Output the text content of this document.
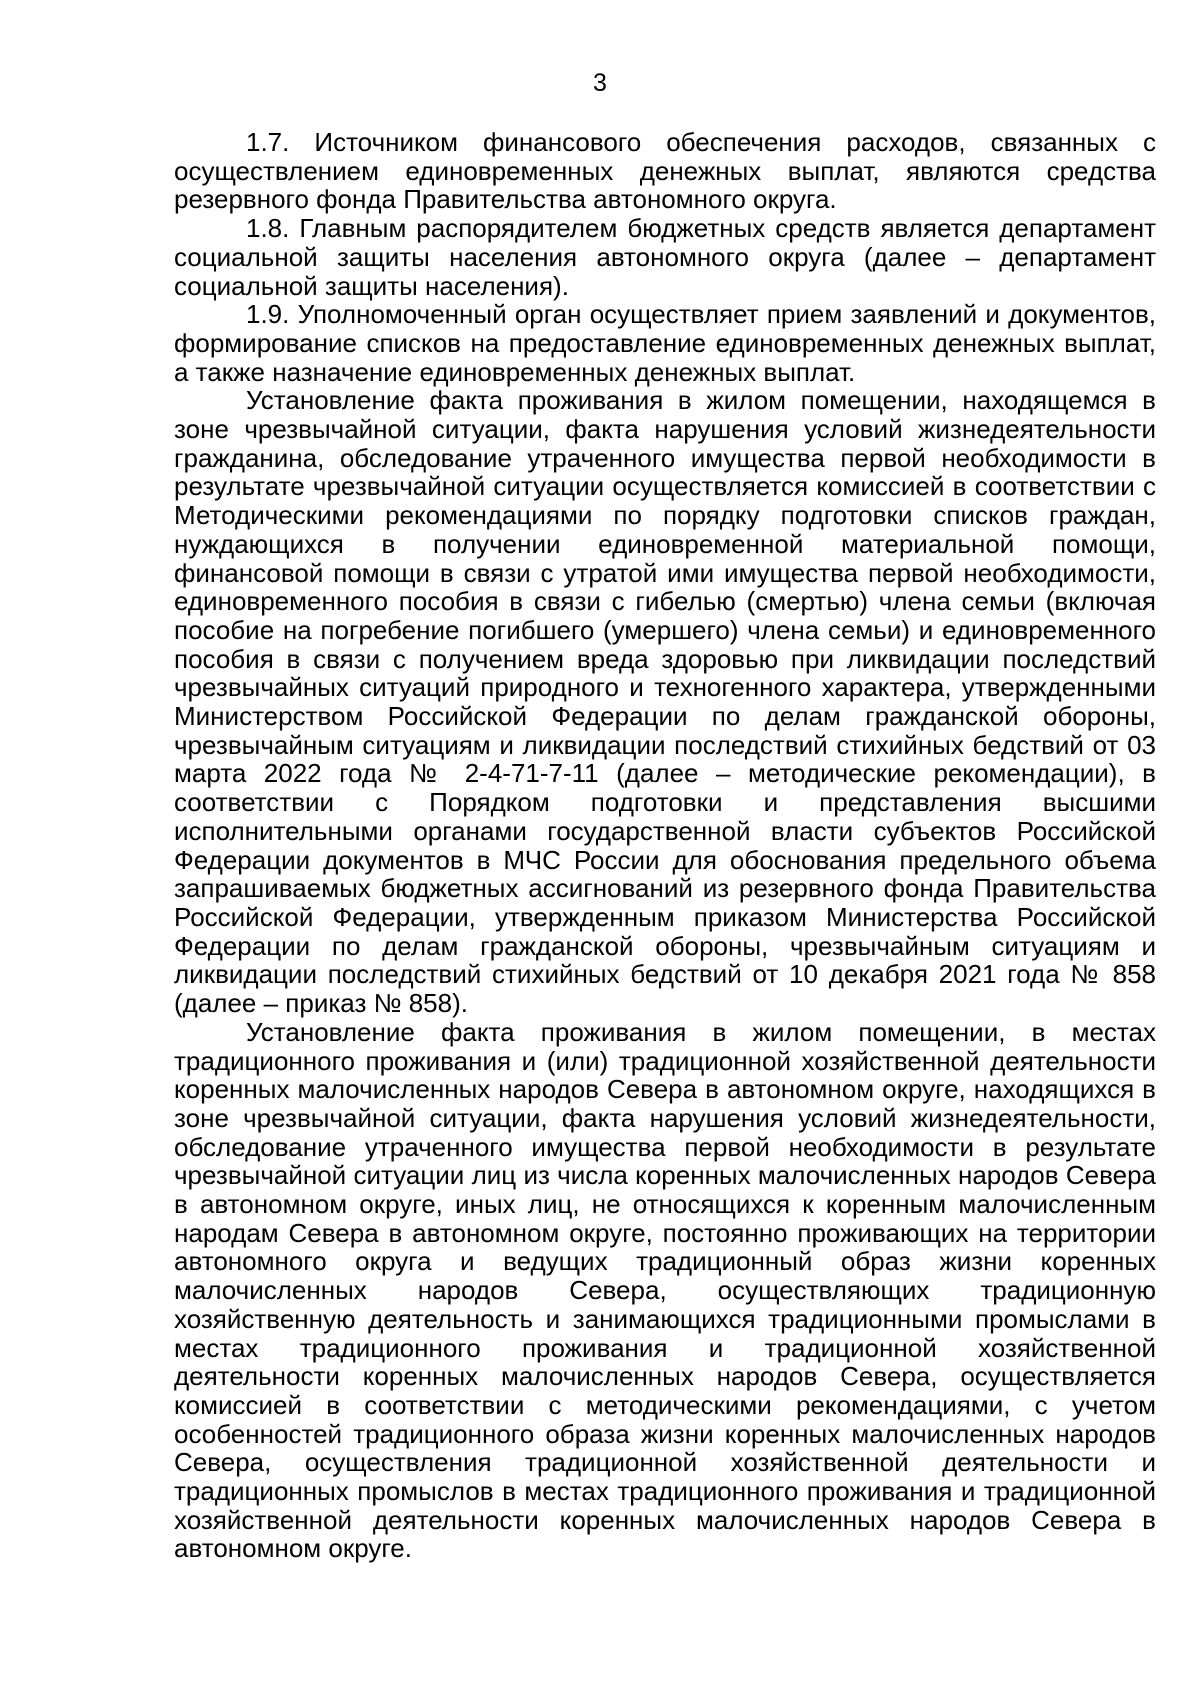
3

1.7. Источником финансового обеспечения расходов, связанных с осуществлением единовременных денежных выплат, являются средства резервного фонда Правительства автономного округа.

1.8. Главным распорядителем бюджетных средств является департамент социальной защиты населения автономного округа (далее – департамент социальной защиты населения).

1.9. Уполномоченный орган осуществляет прием заявлений и документов, формирование списков на предоставление единовременных денежных выплат, а также назначение единовременных денежных выплат.

Установление факта проживания в жилом помещении, находящемся в зоне чрезвычайной ситуации, факта нарушения условий жизнедеятельности гражданина, обследование утраченного имущества первой необходимости в результате чрезвычайной ситуации осуществляется комиссией в соответствии с Методическими рекомендациями по порядку подготовки списков граждан, нуждающихся в получении единовременной материальной помощи, финансовой помощи в связи с утратой ими имущества первой необходимости, единовременного пособия в связи с гибелью (смертью) члена семьи (включая пособие на погребение погибшего (умершего) члена семьи) и единовременного пособия в связи с получением вреда здоровью при ликвидации последствий чрезвычайных ситуаций природного и техногенного характера, утвержденными Министерством Российской Федерации по делам гражданской обороны, чрезвычайным ситуациям и ликвидации последствий стихийных бедствий от 03 марта 2022 года № 2-4-71-7-11 (далее – методические рекомендации), в соответствии с Порядком подготовки и представления высшими исполнительными органами государственной власти субъектов Российской Федерации документов в МЧС России для обоснования предельного объема запрашиваемых бюджетных ассигнований из резервного фонда Правительства Российской Федерации, утвержденным приказом Министерства Российской Федерации по делам гражданской обороны, чрезвычайным ситуациям и ликвидации последствий стихийных бедствий от 10 декабря 2021 года № 858 (далее – приказ № 858).

Установление факта проживания в жилом помещении, в местах традиционного проживания и (или) традиционной хозяйственной деятельности коренных малочисленных народов Севера в автономном округе, находящихся в зоне чрезвычайной ситуации, факта нарушения условий жизнедеятельности, обследование утраченного имущества первой необходимости в результате чрезвычайной ситуации лиц из числа коренных малочисленных народов Севера в автономном округе, иных лиц, не относящихся к коренным малочисленным народам Севера в автономном округе, постоянно проживающих на территории автономного округа и ведущих традиционный образ жизни коренных малочисленных народов Севера, осуществляющих традиционную хозяйственную деятельность и занимающихся традиционными промыслами в местах традиционного проживания и традиционной хозяйственной деятельности коренных малочисленных народов Севера, осуществляется комиссией в соответствии с методическими рекомендациями, с учетом особенностей традиционного образа жизни коренных малочисленных народов Севера, осуществления традиционной хозяйственной деятельности и традиционных промыслов в местах традиционного проживания и традиционной хозяйственной деятельности коренных малочисленных народов Севера в автономном округе.
